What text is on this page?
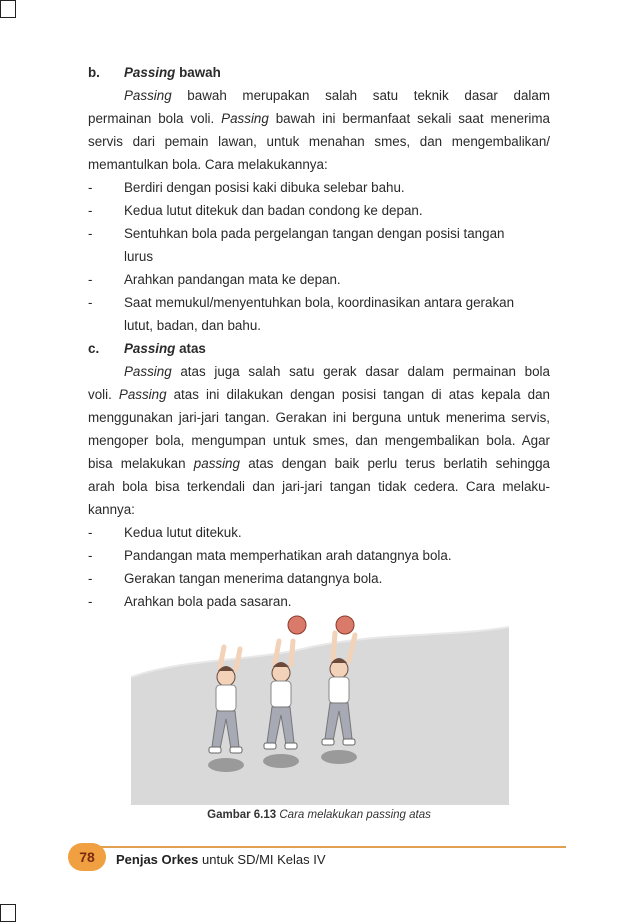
b. Passing bawah
Passing bawah merupakan salah satu teknik dasar dalam
permainan bola voli. Passing bawah ini bermanfaat sekali saat menerima
servis dari pemain lawan, untuk menahan smes, dan mengembalikan/
memantulkan bola. Cara melakukannya:
- Berdiri dengan posisi kaki dibuka selebar bahu.
- Kedua lutut ditekuk dan badan condong ke depan.
- Sentuhkan bola pada pergelangan tangan dengan posisi tangan
lurus
- Arahkan pandangan mata ke depan.
- Saat memukul/menyentuhkan bola, koordinasikan antara gerakan
lutut, badan, dan bahu.
c. Passing atas
Passing atas juga salah satu gerak dasar dalam permainan bola
voli. Passing atas ini dilakukan dengan posisi tangan di atas kepala dan
menggunakan jari-jari tangan. Gerakan ini berguna untuk menerima servis,
mengoper bola, mengumpan untuk smes, dan mengembalikan bola. Agar
bisa melakukan passing atas dengan baik perlu terus berlatih sehingga
arah bola bisa terkendali dan jari-jari tangan tidak cedera. Cara melaku-
kannya:
- Kedua lutut ditekuk.
- Pandangan mata memperhatikan arah datangnya bola.
- Gerakan tangan menerima datangnya bola.
- Arahkan bola pada sasaran.
Gambar 6.13 Cara melakukan passing atas
78	Penjas Orkes untuk SD/MI Kelas IV
